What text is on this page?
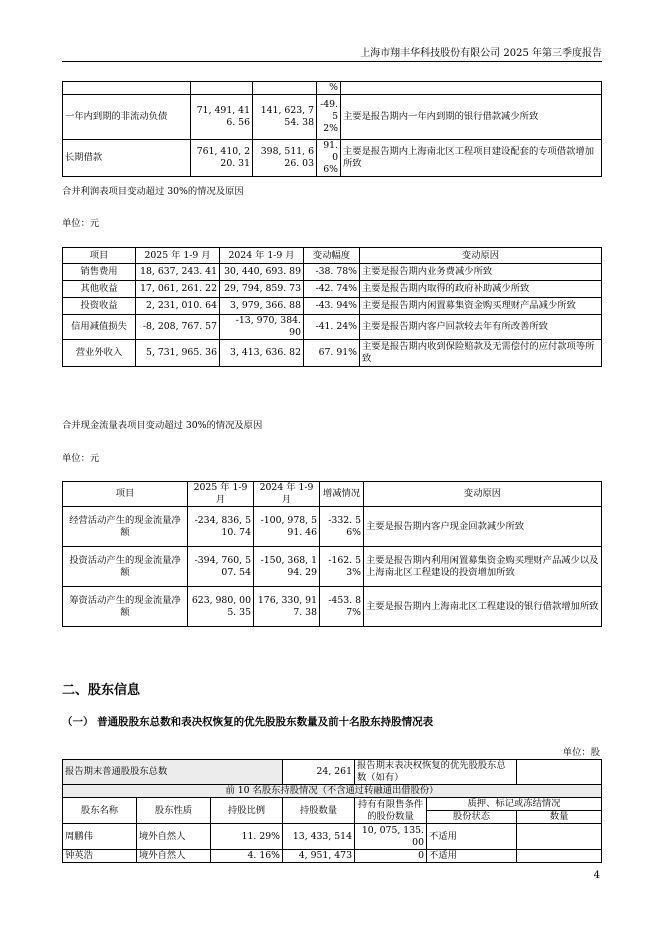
上海市翔丰华科技股份有限公司 2025 年第三季度报告
			%	
一年内到期的非流动负债	71, 491, 416. 56	141, 623, 754. 38	-49. 52%	主要是报告期内一年内到期的银行借款减少所致
长期借款	761, 410, 220. 31	398, 511, 626. 03	91. 06%	主要是报告期内上海南北区工程项目建设配套的专项借款增加所致
合并利润表项目变动超过 30%的情况及原因
单位：元
项目	2025 年 1-9 月	2024 年 1-9 月	变动幅度	变动原因
销售费用	18, 637, 243. 41	30, 440, 693. 89	-38. 78%	主要是报告期内业务费减少所致
其他收益	17, 061, 261. 22	29, 794, 859. 73	-42. 74%	主要是报告期内取得的政府补助减少所致
投资收益	2, 231, 010. 64	3, 979, 366. 88	-43. 94%	主要是报告期内闲置募集资金购买理财产品减少所致
信用减值损失	-8, 208, 767. 57	-13, 970, 384. 90	-41. 24%	主要是报告期内客户回款较去年有所改善所致
营业外收入	5, 731, 965. 36	3, 413, 636. 82	67. 91%	主要是报告期内收到保险赔款及无需偿付的应付款项等所致
合并现金流量表项目变动超过 30%的情况及原因
单位：元
项目	2025 年 1-9 月	2024 年 1-9 月	增减情况	变动原因
经营活动产生的现金流量净额	-234, 836, 510. 74	-100, 978, 591. 46	-332. 56%	主要是报告期内客户现金回款减少所致
投资活动产生的现金流量净额	-394, 760, 507. 54	-150, 368, 194. 29	-162. 53%	主要是报告期内利用闲置募集资金购买理财产品减少以及上海南北区工程建设的投资增加所致
筹资活动产生的现金流量净额	623, 980, 005. 35	176, 330, 917. 38	-453. 87%	主要是报告期内上海南北区工程建设的银行借款增加所致
二、股东信息
（一） 普通股股东总数和表决权恢复的优先股股东数量及前十名股东持股情况表
单位：股
报告期末普通股股东总数			24, 261	报告期末表决权恢复的优先股股东总数（如有）		
前 10 名股东持股情况（不含通过转融通出借股份）						
股东名称	股东性质	持股比例	持股数量	持有有限售条件的股份数量	质押、标记或冻结情况	
					股份状态	数量
周鹏伟	境外自然人	11. 29%	13, 433, 514	10, 075, 135. 00	不适用	
钟英浩	境外自然人	4. 16%	4, 951, 473	0	不适用	
4
